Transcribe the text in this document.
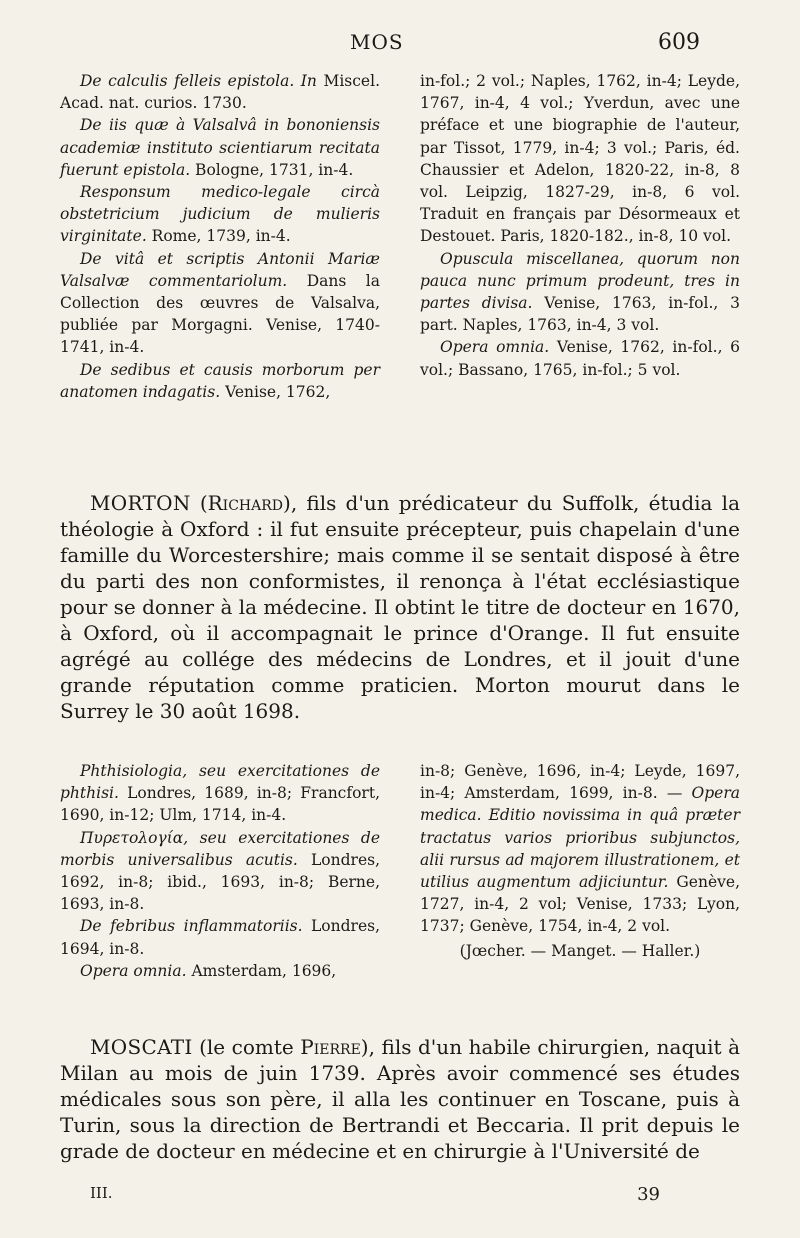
MOS	609

De calculis felleis epistola. In Miscel. Acad. nat. curios. 1730.

De iis quæ à Valsalvâ in bononiensis academiæ instituto scientiarum recitata fuerunt epistola. Bologne, 1731, in-4.

Responsum medico-legale circà obstetricium judicium de mulieris virginitate. Rome, 1739, in-4.

De vitâ et scriptis Antonii Mariæ Valsalvæ commentariolum. Dans la Collection des œuvres de Valsalva, publiée par Morgagni. Venise, 1740-1741, in-4.

De sedibus et causis morborum per anatomen indagatis. Venise, 1762,

in-fol.; 2 vol.; Naples, 1762, in-4; Leyde, 1767, in-4, 4 vol.; Yverdun, avec une préface et une biographie de l'auteur, par Tissot, 1779, in-4; 3 vol.; Paris, éd. Chaussier et Adelon, 1820-22, in-8, 8 vol. Leipzig, 1827-29, in-8, 6 vol. Traduit en français par Désormeaux et Destouet. Paris, 1820-182., in-8, 10 vol.

Opuscula miscellanea, quorum non pauca nunc primum prodeunt, tres in partes divisa. Venise, 1763, in-fol., 3 part. Naples, 1763, in-4, 3 vol.

Opera omnia. Venise, 1762, in-fol., 6 vol.; Bassano, 1765, in-fol.; 5 vol.

MORTON (Richard), fils d'un prédicateur du Suffolk, étudia la théologie à Oxford : il fut ensuite précepteur, puis chapelain d'une famille du Worcestershire; mais comme il se sentait disposé à être du parti des non conformistes, il renonça à l'état ecclésiastique pour se donner à la médecine. Il obtint le titre de docteur en 1670, à Oxford, où il accompagnait le prince d'Orange. Il fut ensuite agrégé au collége des médecins de Londres, et il jouit d'une grande réputation comme praticien. Morton mourut dans le Surrey le 30 août 1698.

Phthisiologia, seu exercitationes de phthisi. Londres, 1689, in-8; Francfort, 1690, in-12; Ulm, 1714, in-4.

Πυρετολογία, seu exercitationes de morbis universalibus acutis. Londres, 1692, in-8; ibid., 1693, in-8; Berne, 1693, in-8.

De febribus inflammatoriis. Londres, 1694, in-8.

Opera omnia. Amsterdam, 1696,

in-8; Genève, 1696, in-4; Leyde, 1697, in-4; Amsterdam, 1699, in-8. — Opera medica. Editio novissima in quâ præter tractatus varios prioribus subjunctos, alii rursus ad majorem illustrationem, et utilius augmentum adjiciuntur. Genève, 1727, in-4, 2 vol; Venise, 1733; Lyon, 1737; Genève, 1754, in-4, 2 vol.

(Jœcher. — Manget. — Haller.)

MOSCATI (le comte Pierre), fils d'un habile chirurgien, naquit à Milan au mois de juin 1739. Après avoir commencé ses études médicales sous son père, il alla les continuer en Toscane, puis à Turin, sous la direction de Bertrandi et Beccaria. Il prit depuis le grade de docteur en médecine et en chirurgie à l'Université de

III.	39
